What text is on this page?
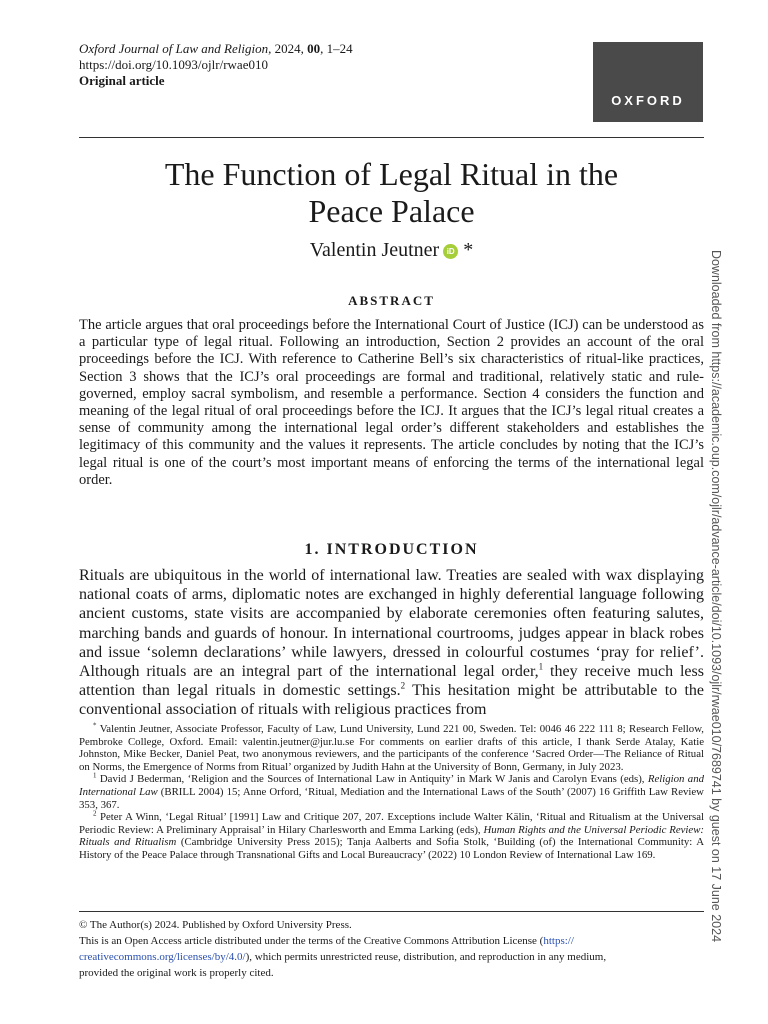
Oxford Journal of Law and Religion, 2024, 00, 1–24
https://doi.org/10.1093/ojlr/rwae010
Original article
OXFORD
The Function of Legal Ritual in the
Peace Palace
Valentin Jeutner iD *
ABSTRACT
The article argues that oral proceedings before the International Court of Justice (ICJ) can be understood as a particular type of legal ritual. Following an introduction, Section 2 provides an account of the oral proceedings before the ICJ. With reference to Catherine Bell’s six characteristics of ritual-like practices, Section 3 shows that the ICJ’s oral proceedings are formal and traditional, relatively static and rule-governed, employ sacral symbolism, and resemble a performance. Section 4 considers the function and meaning of the legal ritual of oral proceedings before the ICJ. It argues that the ICJ’s legal ritual creates a sense of community among the international legal order’s different stakeholders and establishes the legitimacy of this community and the values it represents. The article concludes by noting that the ICJ’s legal ritual is one of the court’s most important means of enforcing the terms of the international legal order.
1. INTRODUCTION
Rituals are ubiquitous in the world of international law. Treaties are sealed with wax displaying national coats of arms, diplomatic notes are exchanged in highly deferential language following ancient customs, state visits are accompanied by elaborate ceremonies often featuring salutes, marching bands and guards of honour. In international courtrooms, judges appear in black robes and issue ‘solemn declarations’ while lawyers, dressed in colourful costumes ‘pray for relief’. Although rituals are an integral part of the international legal order,$^1$ they receive much less attention than legal rituals in domestic settings.$^2$ This hesitation might be attributable to the conventional association of rituals with religious practices from
* Valentin Jeutner, Associate Professor, Faculty of Law, Lund University, Lund 221 00, Sweden. Tel: 0046 46 222 111 8; Research Fellow, Pembroke College, Oxford. Email: valentin.jeutner@jur.lu.se For comments on earlier drafts of this article, I thank Serde Atalay, Katie Johnston, Mike Becker, Daniel Peat, two anonymous reviewers, and the participants of the conference ‘Sacred Order—The Reliance of Ritual on Norms, the Emergence of Norms from Ritual’ organized by Judith Hahn at the University of Bonn, Germany, in July 2023.
$^1$ David J Bederman, ‘Religion and the Sources of International Law in Antiquity’ in Mark W Janis and Carolyn Evans (eds), Religion and International Law (BRILL 2004) 15; Anne Orford, ‘Ritual, Mediation and the International Laws of the South’ (2007) 16 Griffith Law Review 353, 367.
$^2$ Peter A Winn, ‘Legal Ritual’ [1991] Law and Critique 207, 207. Exceptions include Walter Kälin, ‘Ritual and Ritualism at the Universal Periodic Review: A Preliminary Appraisal’ in Hilary Charlesworth and Emma Larking (eds), Human Rights and the Universal Periodic Review: Rituals and Ritualism (Cambridge University Press 2015); Tanja Aalberts and Sofia Stolk, ‘Building (of) the International Community: A History of the Peace Palace through Transnational Gifts and Local Bureaucracy’ (2022) 10 London Review of International Law 169.
© The Author(s) 2024. Published by Oxford University Press.
This is an Open Access article distributed under the terms of the Creative Commons Attribution License (https://
creativecommons.org/licenses/by/4.0/), which permits unrestricted reuse, distribution, and reproduction in any medium,
provided the original work is properly cited.
Downloaded from https://academic.oup.com/ojlr/advance-article/doi/10.1093/ojlr/rwae010/7689741 by guest on 17 June 2024
